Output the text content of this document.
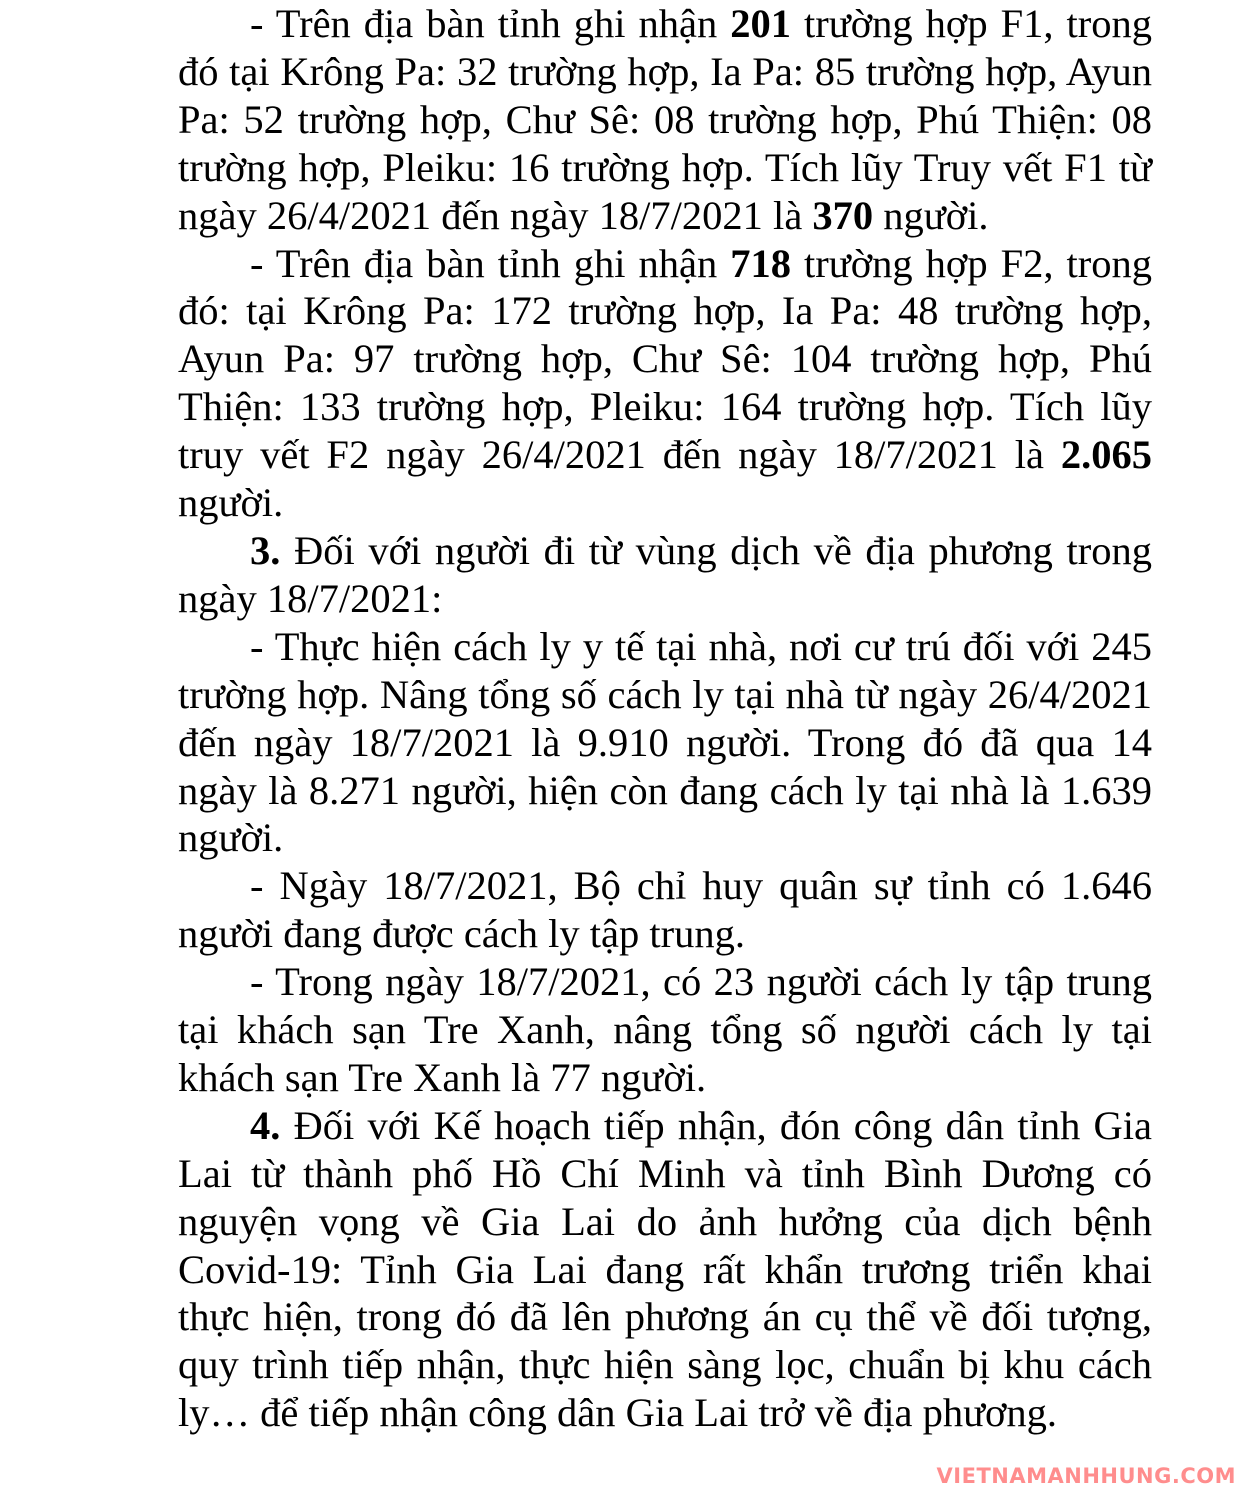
- Trên địa bàn tỉnh ghi nhận 201 trường hợp F1, trong đó tại Krông Pa: 32 trường hợp, Ia Pa: 85 trường hợp, Ayun Pa: 52 trường hợp, Chư Sê: 08 trường hợp, Phú Thiện: 08 trường hợp, Pleiku: 16 trường hợp. Tích lũy Truy vết F1 từ ngày 26/4/2021 đến ngày 18/7/2021 là 370 người.

- Trên địa bàn tỉnh ghi nhận 718 trường hợp F2, trong đó: tại Krông Pa: 172 trường hợp, Ia Pa: 48 trường hợp, Ayun Pa: 97 trường hợp, Chư Sê: 104 trường hợp, Phú Thiện: 133 trường hợp, Pleiku: 164 trường hợp. Tích lũy truy vết F2 ngày 26/4/2021 đến ngày 18/7/2021 là 2.065 người.

3. Đối với người đi từ vùng dịch về địa phương trong ngày 18/7/2021:

- Thực hiện cách ly y tế tại nhà, nơi cư trú đối với 245 trường hợp. Nâng tổng số cách ly tại nhà từ ngày 26/4/2021 đến ngày 18/7/2021 là 9.910 người. Trong đó đã qua 14 ngày là 8.271 người, hiện còn đang cách ly tại nhà là 1.639 người.

- Ngày 18/7/2021, Bộ chỉ huy quân sự tỉnh có 1.646 người đang được cách ly tập trung.

- Trong ngày 18/7/2021, có 23 người cách ly tập trung tại khách sạn Tre Xanh, nâng tổng số người cách ly tại khách sạn Tre Xanh là 77 người.

4. Đối với Kế hoạch tiếp nhận, đón công dân tỉnh Gia Lai từ thành phố Hồ Chí Minh và tỉnh Bình Dương có nguyện vọng về Gia Lai do ảnh hưởng của dịch bệnh Covid-19: Tỉnh Gia Lai đang rất khẩn trương triển khai thực hiện, trong đó đã lên phương án cụ thể về đối tượng, quy trình tiếp nhận, thực hiện sàng lọc, chuẩn bị khu cách ly… để tiếp nhận công dân Gia Lai trở về địa phương.

VIETNAMANHHUNG.COM
